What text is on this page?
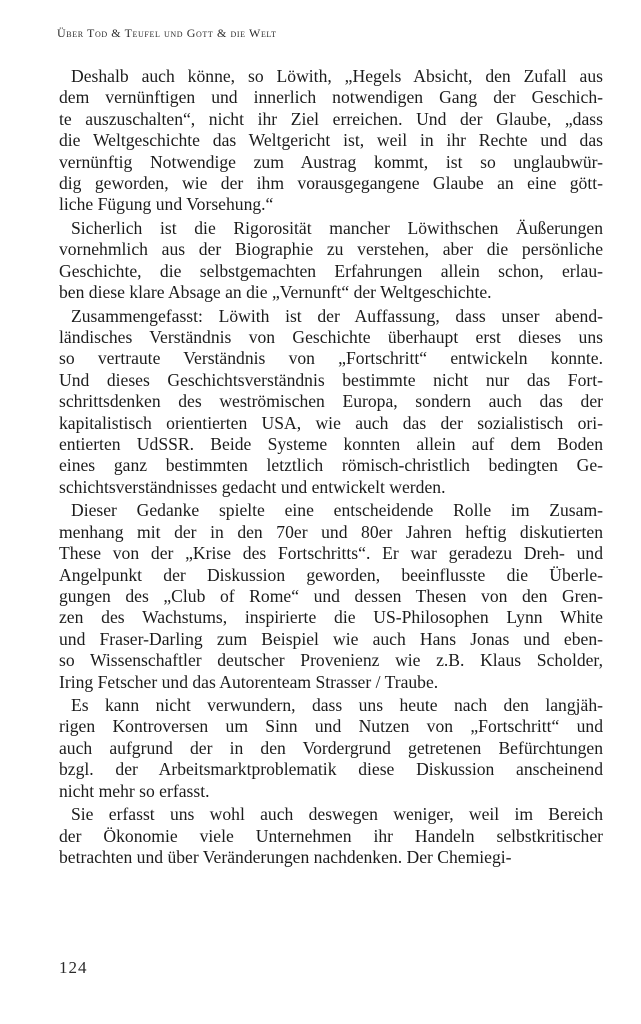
Über Tod & Teufel und Gott & die Welt
Deshalb auch könne, so Löwith, „Hegels Absicht, den Zufall aus
dem vernünftigen und innerlich notwendigen Gang der Geschich-
te auszuschalten“, nicht ihr Ziel erreichen. Und der Glaube, „dass
die Weltgeschichte das Weltgericht ist, weil in ihr Rechte und das
vernünftig Notwendige zum Austrag kommt, ist so unglaubwür-
dig geworden, wie der ihm vorausgegangene Glaube an eine gött-
liche Fügung und Vorsehung.“
Sicherlich ist die Rigorosität mancher Löwithschen Äußerungen
vornehmlich aus der Biographie zu verstehen, aber die persönliche
Geschichte, die selbstgemachten Erfahrungen allein schon, erlau-
ben diese klare Absage an die „Vernunft“ der Weltgeschichte.
Zusammengefasst: Löwith ist der Auffassung, dass unser abend-
ländisches Verständnis von Geschichte überhaupt erst dieses uns
so vertraute Verständnis von „Fortschritt“ entwickeln konnte.
Und dieses Geschichtsverständnis bestimmte nicht nur das Fort-
schrittsdenken des weströmischen Europa, sondern auch das der
kapitalistisch orientierten USA, wie auch das der sozialistisch ori-
entierten UdSSR. Beide Systeme konnten allein auf dem Boden
eines ganz bestimmten letztlich römisch-christlich bedingten Ge-
schichtsverständnisses gedacht und entwickelt werden.
Dieser Gedanke spielte eine entscheidende Rolle im Zusam-
menhang mit der in den 70er und 80er Jahren heftig diskutierten
These von der „Krise des Fortschritts“. Er war geradezu Dreh- und
Angelpunkt der Diskussion geworden, beeinflusste die Überle-
gungen des „Club of Rome“ und dessen Thesen von den Gren-
zen des Wachstums, inspirierte die US-Philosophen Lynn White
und Fraser-Darling zum Beispiel wie auch Hans Jonas und eben-
so Wissenschaftler deutscher Provenienz wie z.B. Klaus Scholder,
Iring Fetscher und das Autorenteam Strasser / Traube.
Es kann nicht verwundern, dass uns heute nach den langjäh-
rigen Kontroversen um Sinn und Nutzen von „Fortschritt“ und
auch aufgrund der in den Vordergrund getretenen Befürchtungen
bzgl. der Arbeitsmarktproblematik diese Diskussion anscheinend
nicht mehr so erfasst.
Sie erfasst uns wohl auch deswegen weniger, weil im Bereich
der Ökonomie viele Unternehmen ihr Handeln selbstkritischer
betrachten und über Veränderungen nachdenken. Der Chemiegi-
124
